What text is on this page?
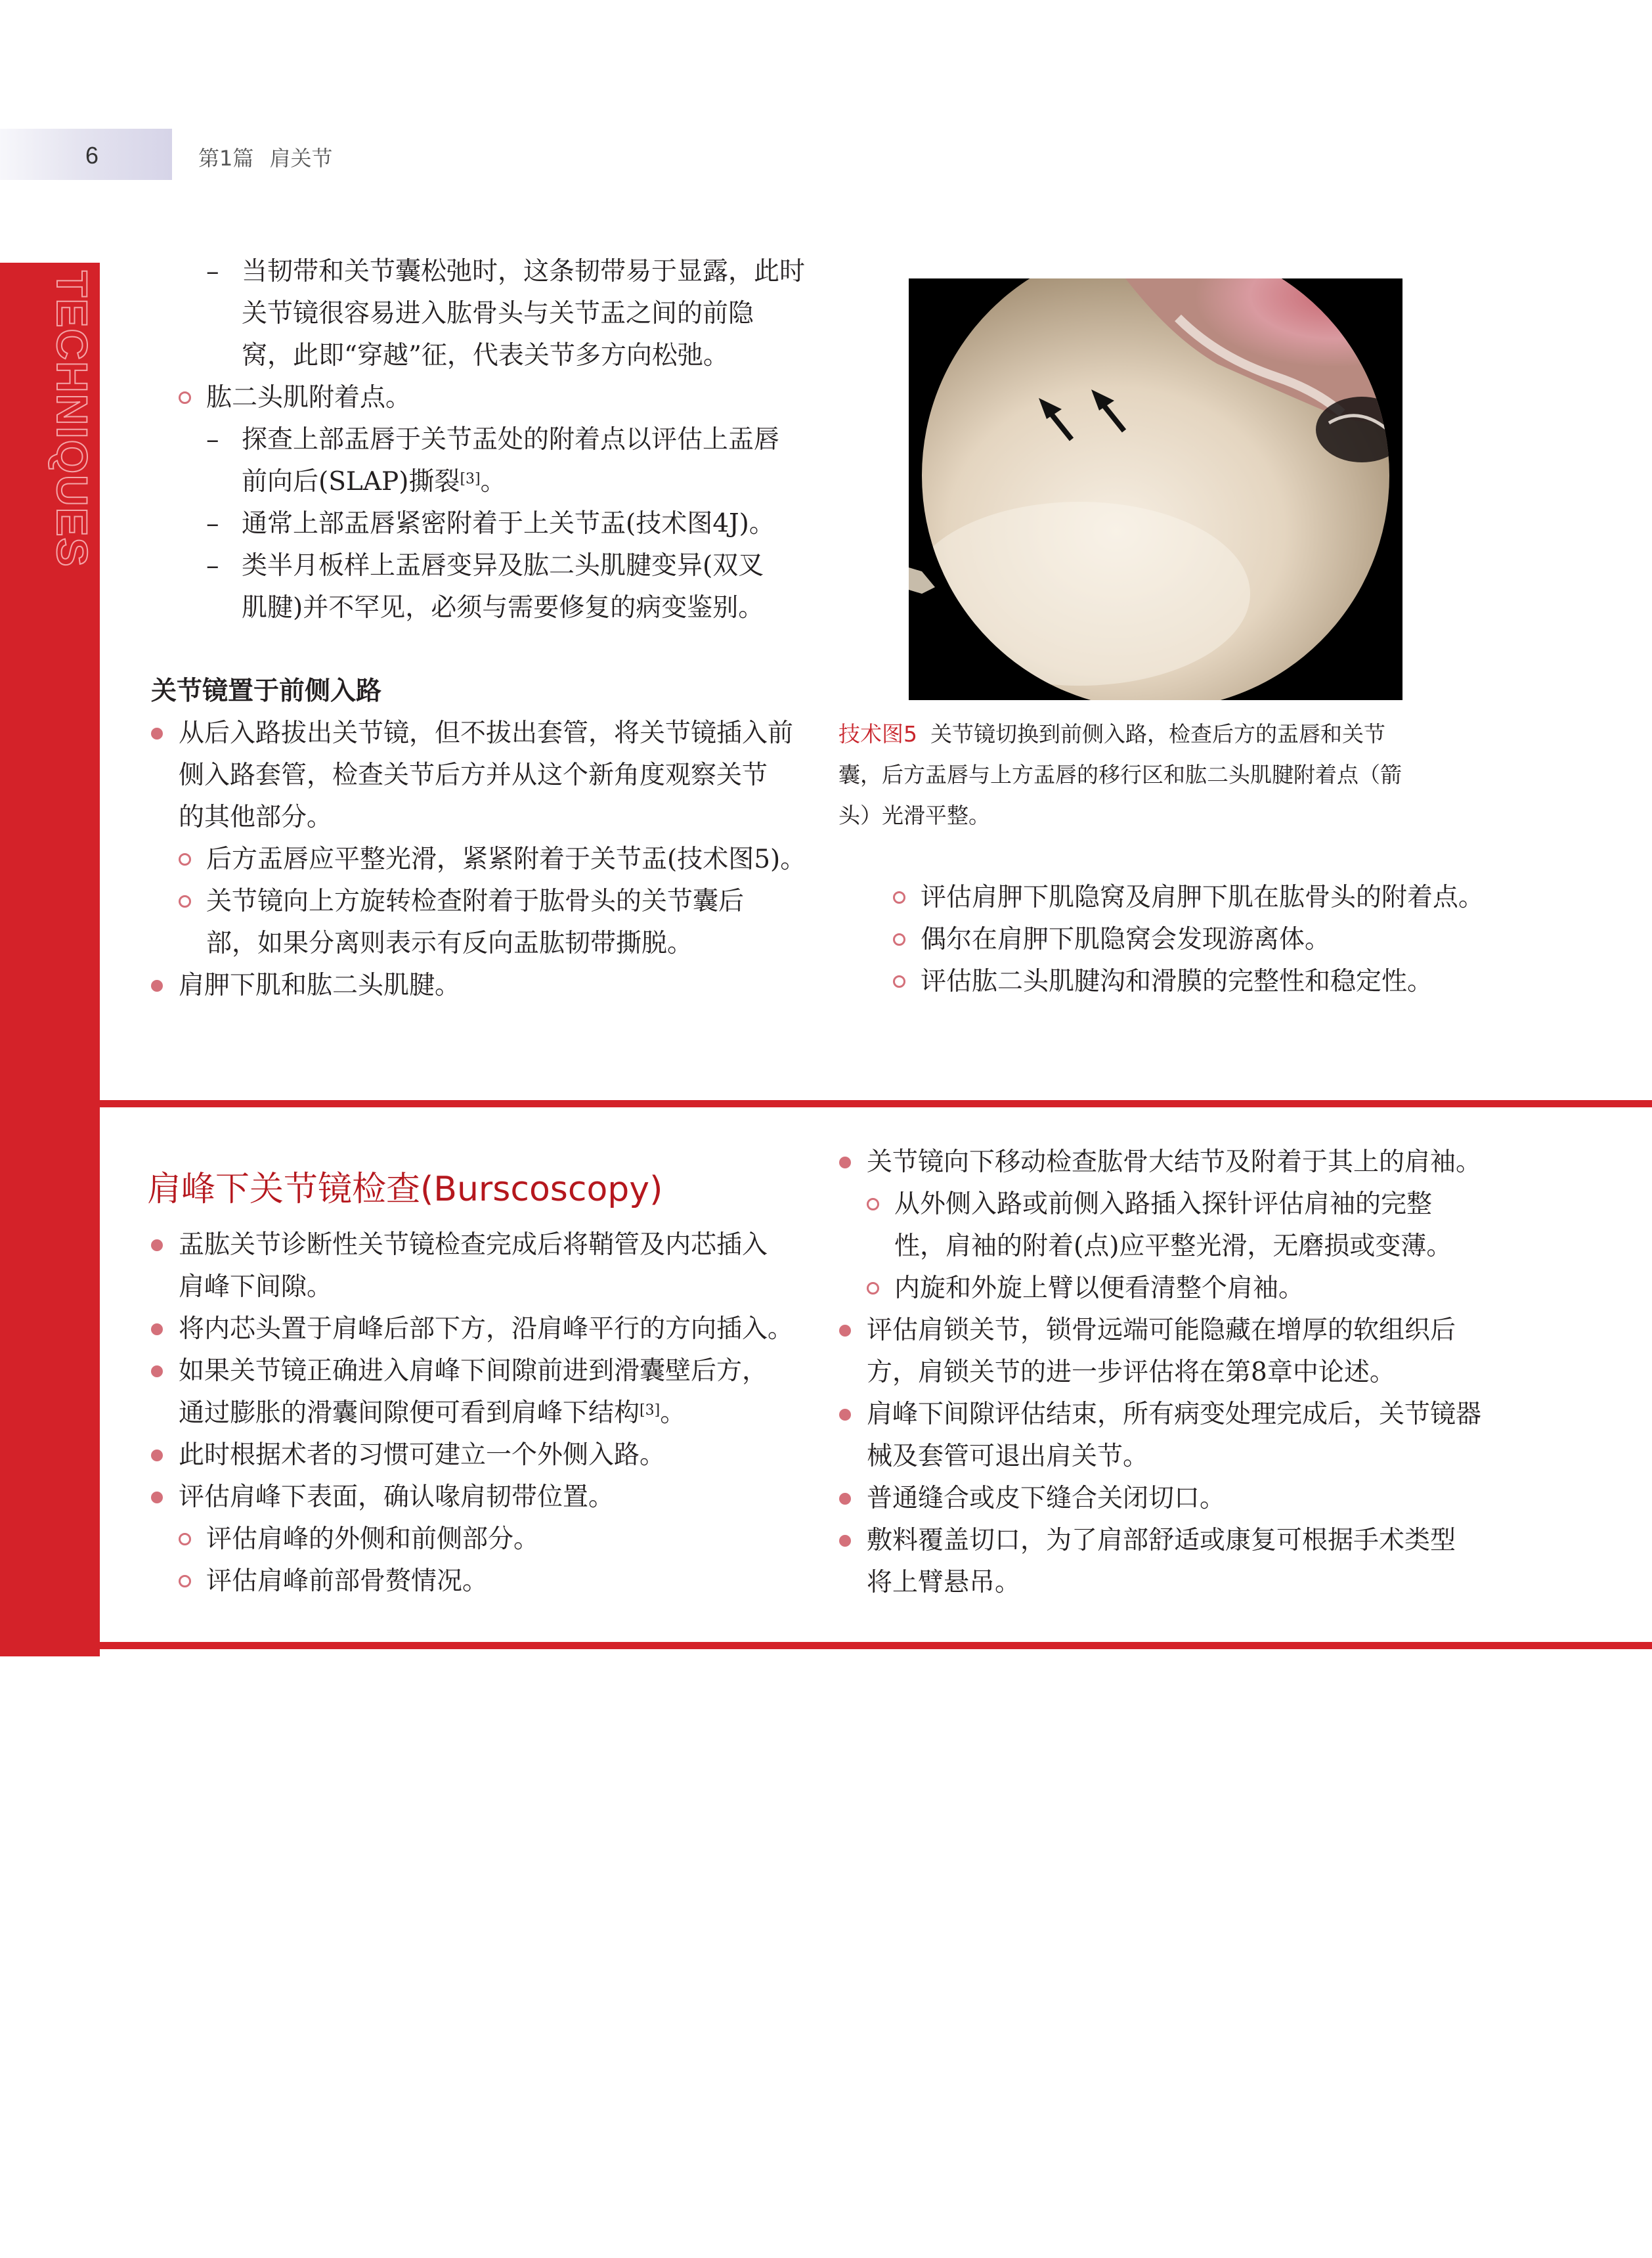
6	第1篇 肩关节
TECHNIQUES	– 当韧带和关节囊松弛时，这条韧带易于显露，此时
关节镜很容易进入肱骨头与关节盂之间的前隐
窝，此即“穿越”征，代表关节多方向松弛。
肱二头肌附着点。
– 探查上部盂唇于关节盂处的附着点以评估上盂唇
前向后(SLAP)撕裂[3]。
– 通常上部盂唇紧密附着于上关节盂(技术图4J)。
– 类半月板样上盂唇变异及肱二头肌腱变异(双叉
肌腱)并不罕见，必须与需要修复的病变鉴别。
关节镜置于前侧入路
从后入路拔出关节镜，但不拔出套管，将关节镜插入前
侧入路套管，检查关节后方并从这个新角度观察关节
的其他部分。
后方盂唇应平整光滑，紧紧附着于关节盂(技术图5)。
关节镜向上方旋转检查附着于肱骨头的关节囊后
部，如果分离则表示有反向盂肱韧带撕脱。
肩胛下肌和肱二头肌腱。
技术图5 关节镜切换到前侧入路，检查后方的盂唇和关节
囊，后方盂唇与上方盂唇的移行区和肱二头肌腱附着点（箭
头）光滑平整。
评估肩胛下肌隐窝及肩胛下肌在肱骨头的附着点。
偶尔在肩胛下肌隐窝会发现游离体。
评估肱二头肌腱沟和滑膜的完整性和稳定性。
肩峰下关节镜检查(Burscoscopy)
盂肱关节诊断性关节镜检查完成后将鞘管及内芯插入
肩峰下间隙。
将内芯头置于肩峰后部下方，沿肩峰平行的方向插入。
如果关节镜正确进入肩峰下间隙前进到滑囊壁后方，
通过膨胀的滑囊间隙便可看到肩峰下结构[3]。
此时根据术者的习惯可建立一个外侧入路。
评估肩峰下表面，确认喙肩韧带位置。
评估肩峰的外侧和前侧部分。
评估肩峰前部骨赘情况。
关节镜向下移动检查肱骨大结节及附着于其上的肩袖。
从外侧入路或前侧入路插入探针评估肩袖的完整
性，肩袖的附着(点)应平整光滑，无磨损或变薄。
内旋和外旋上臂以便看清整个肩袖。
评估肩锁关节，锁骨远端可能隐藏在增厚的软组织后
方，肩锁关节的进一步评估将在第8章中论述。
肩峰下间隙评估结束，所有病变处理完成后，关节镜器
械及套管可退出肩关节。
普通缝合或皮下缝合关闭切口。
敷料覆盖切口，为了肩部舒适或康复可根据手术类型
将上臂悬吊。
